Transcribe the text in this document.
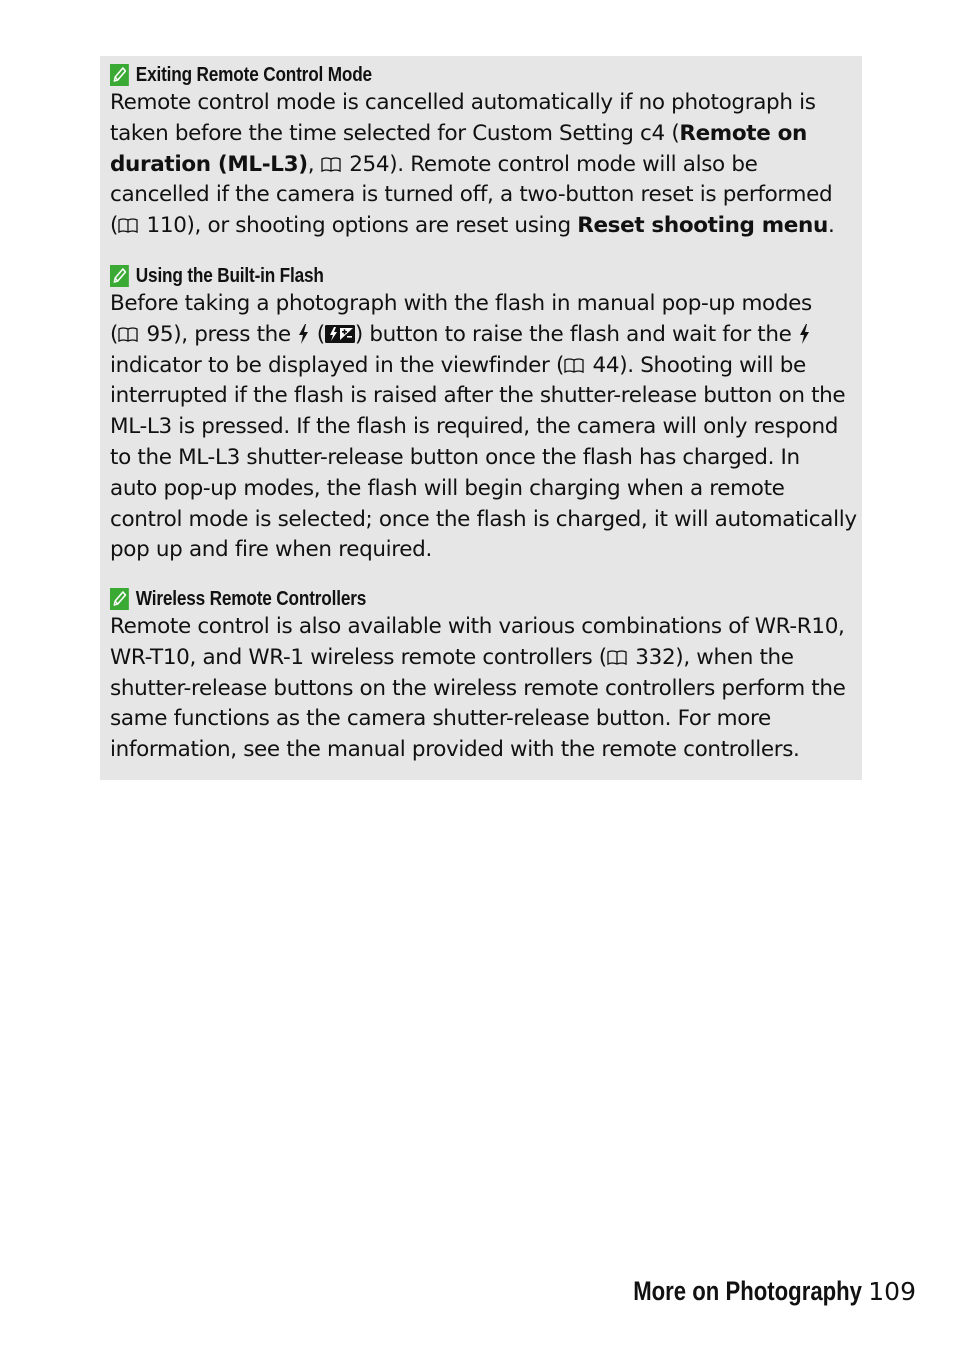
Exiting Remote Control Mode
Remote control mode is cancelled automatically if no photograph is
taken before the time selected for Custom Setting c4 (Remote on
duration (ML-L3),  254). Remote control mode will also be
cancelled if the camera is turned off, a two-button reset is performed
( 110), or shooting options are reset using Reset shooting menu.
Using the Built-in Flash
Before taking a photograph with the flash in manual pop-up modes
( 95), press the  ( ) button to raise the flash and wait for the
indicator to be displayed in the viewfinder ( 44). Shooting will be
interrupted if the flash is raised after the shutter-release button on the
ML-L3 is pressed. If the flash is required, the camera will only respond
to the ML-L3 shutter-release button once the flash has charged. In
auto pop-up modes, the flash will begin charging when a remote
control mode is selected; once the flash is charged, it will automatically
pop up and fire when required.
Wireless Remote Controllers
Remote control is also available with various combinations of WR-R10,
WR-T10, and WR-1 wireless remote controllers ( 332), when the
shutter-release buttons on the wireless remote controllers perform the
same functions as the camera shutter-release button. For more
information, see the manual provided with the remote controllers.
More on Photography 109
